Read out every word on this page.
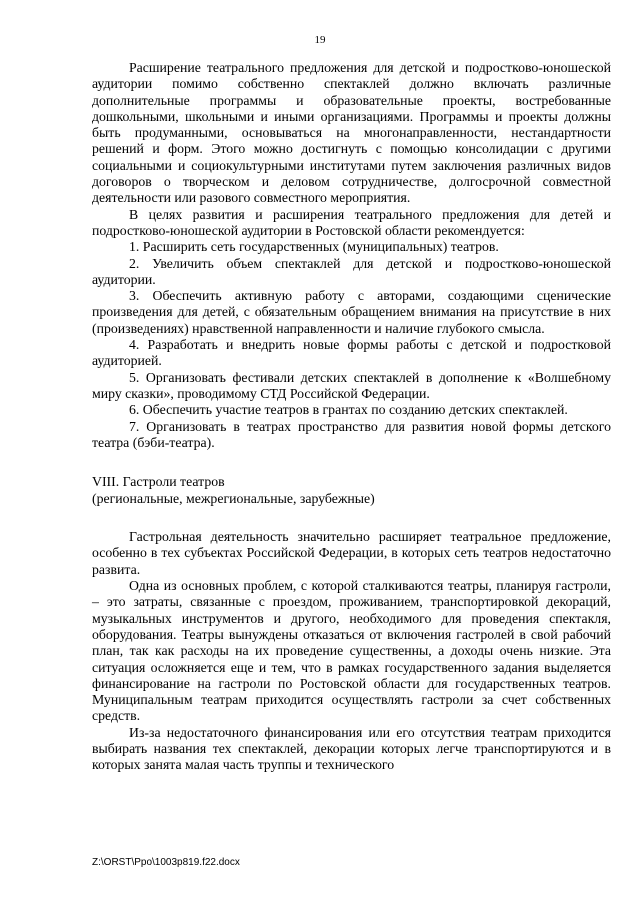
19

Расширение театрального предложения для детской и подростково-юношеской аудитории помимо собственно спектаклей должно включать различные дополнительные программы и образовательные проекты, востребованные дошкольными, школьными и иными организациями. Программы и проекты должны быть продуманными, основываться на многонаправленности, нестандартности решений и форм. Этого можно достигнуть с помощью консолидации с другими социальными и социокультурными институтами путем заключения различных видов договоров о творческом и деловом сотрудничестве, долгосрочной совместной деятельности или разового совместного мероприятия.

В целях развития и расширения театрального предложения для детей и подростково-юношеской аудитории в Ростовской области рекомендуется:

1. Расширить сеть государственных (муниципальных) театров.

2. Увеличить объем спектаклей для детской и подростково-юношеской аудитории.

3. Обеспечить активную работу с авторами, создающими сценические произведения для детей, с обязательным обращением внимания на присутствие в них (произведениях) нравственной направленности и наличие глубокого смысла.

4. Разработать и внедрить новые формы работы с детской и подростковой аудиторией.

5. Организовать фестивали детских спектаклей в дополнение к «Волшебному миру сказки», проводимому СТД Российской Федерации.

6. Обеспечить участие театров в грантах по созданию детских спектаклей.

7. Организовать в театрах пространство для развития новой формы детского театра (бэби-театра).

VIII. Гастроли театров

(региональные, межрегиональные, зарубежные)

Гастрольная деятельность значительно расширяет театральное предложение, особенно в тех субъектах Российской Федерации, в которых сеть театров недостаточно развита.

Одна из основных проблем, с которой сталкиваются театры, планируя гастроли, – это затраты, связанные с проездом, проживанием, транспортировкой декораций, музыкальных инструментов и другого, необходимого для проведения спектакля, оборудования. Театры вынуждены отказаться от включения гастролей в свой рабочий план, так как расходы на их проведение существенны, а доходы очень низкие. Эта ситуация осложняется еще и тем, что в рамках государственного задания выделяется финансирование на гастроли по Ростовской области для государственных театров. Муниципальным театрам приходится осуществлять гастроли за счет собственных средств.

Из-за недостаточного финансирования или его отсутствия театрам приходится выбирать названия тех спектаклей, декорации которых легче транспортируются и в которых занята малая часть труппы и технического

Z:\ORST\Ppo\1003p819.f22.docx
